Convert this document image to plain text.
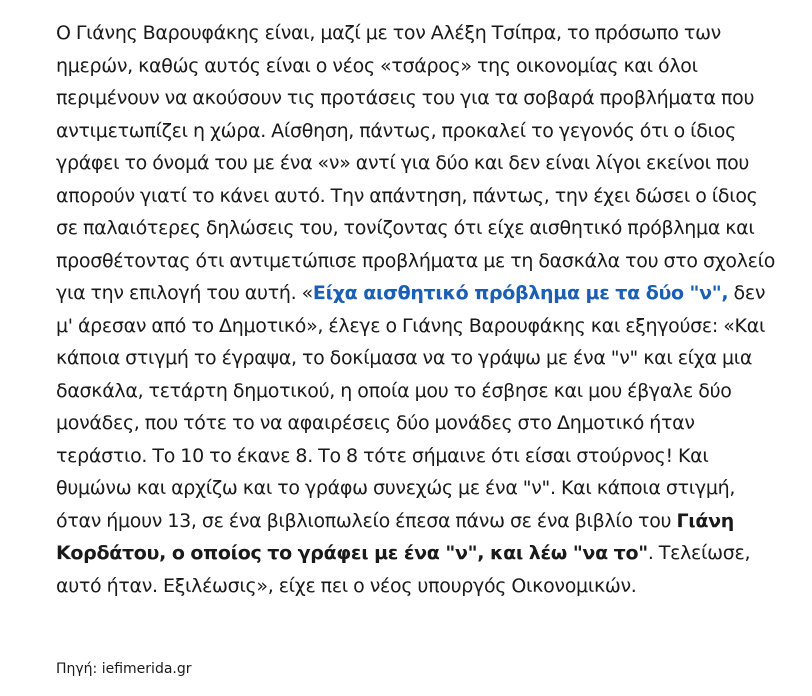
Ο Γιάνης Βαρουφάκης είναι, μαζί με τον Αλέξη Τσίπρα, το πρόσωπο των ημερών, καθώς αυτός είναι ο νέος «τσάρος» της οικονομίας και όλοι περιμένουν να ακούσουν τις προτάσεις του για τα σοβαρά προβλήματα που αντιμετωπίζει η χώρα. Αίσθηση, πάντως, προκαλεί το γεγονός ότι ο ίδιος γράφει το όνομά του με ένα «ν» αντί για δύο και δεν είναι λίγοι εκείνοι που απορούν γιατί το κάνει αυτό. Την απάντηση, πάντως, την έχει δώσει ο ίδιος σε παλαιότερες δηλώσεις του, τονίζοντας ότι είχε αισθητικό πρόβλημα και προσθέτοντας ότι αντιμετώπισε προβλήματα με τη δασκάλα του στο σχολείο για την επιλογή του αυτή. «Είχα αισθητικό πρόβλημα με τα δύο "ν", δεν μ' άρεσαν από το Δημοτικό», έλεγε ο Γιάνης Βαρουφάκης και εξηγούσε: «Και κάποια στιγμή το έγραψα, το δοκίμασα να το γράψω με ένα "ν" και είχα μια δασκάλα, τετάρτη δημοτικού, η οποία μου το έσβησε και μου έβγαλε δύο μονάδες, που τότε το να αφαιρέσεις δύο μονάδες στο Δημοτικό ήταν τεράστιο. Το 10 το έκανε 8. Το 8 τότε σήμαινε ότι είσαι στούρνος! Και θυμώνω και αρχίζω και το γράφω συνεχώς με ένα "ν". Και κάποια στιγμή, όταν ήμουν 13, σε ένα βιβλιοπωλείο έπεσα πάνω σε ένα βιβλίο του Γιάνη Κορδάτου, ο οποίος το γράφει με ένα "ν", και λέω "να το". Τελείωσε, αυτό ήταν. Εξιλέωσις», είχε πει ο νέος υπουργός Οικονομικών.

Πηγή: iefimerida.gr
